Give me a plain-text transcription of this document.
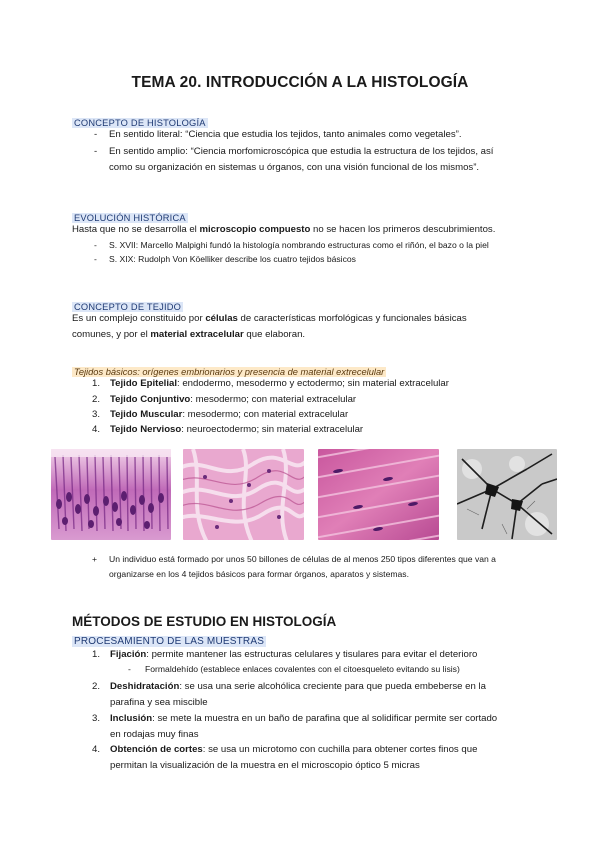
TEMA 20. INTRODUCCIÓN A LA HISTOLOGÍA
CONCEPTO DE HISTOLOGÍA
- En sentido literal: “Ciencia que estudia los tejidos, tanto animales como vegetales”.
- En sentido amplio: “Ciencia morfomicroscópica que estudia la estructura de los tejidos, así
como su organización en sistemas u órganos, con una visión funcional de los mismos”.
EVOLUCIÓN HISTÓRICA
Hasta que no se desarrolla el microscopio compuesto no se hacen los primeros descubrimientos.
- S. XVII: Marcello Malpighi fundó la histología nombrando estructuras como el riñón, el bazo o la piel
- S. XIX: Rudolph Von Köelliker describe los cuatro tejidos básicos
CONCEPTO DE TEJIDO
Es un complejo constituido por células de características morfológicas y funcionales básicas
comunes, y por el material extracelular que elaboran.
Tejidos básicos: orígenes embrionarios y presencia de material extrecelular
1. Tejido Epitelial: endodermo, mesodermo y ectodermo; sin material extracelular
2. Tejido Conjuntivo: mesodermo; con material extracelular
3. Tejido Muscular: mesodermo; con material extracelular
4. Tejido Nervioso: neuroectodermo; sin material extracelular
+ Un individuo está formado por unos 50 billones de células de al menos 250 tipos diferentes que van a
organizarse en los 4 tejidos básicos para formar órganos, aparatos y sistemas.
MÉTODOS DE ESTUDIO EN HISTOLOGÍA
PROCESAMIENTO DE LAS MUESTRAS
1. Fijación: permite mantener las estructuras celulares y tisulares para evitar el deterioro
- Formaldehído (establece enlaces covalentes con el citoesqueleto evitando su lisis)
2. Deshidratación: se usa una serie alcohólica creciente para que pueda embeberse en la
parafina y sea miscible
3. Inclusión: se mete la muestra en un baño de parafina que al solidificar permite ser cortado
en rodajas muy finas
4. Obtención de cortes: se usa un microtomo con cuchilla para obtener cortes finos que
permitan la visualización de la muestra en el microscopio óptico 5 micras
